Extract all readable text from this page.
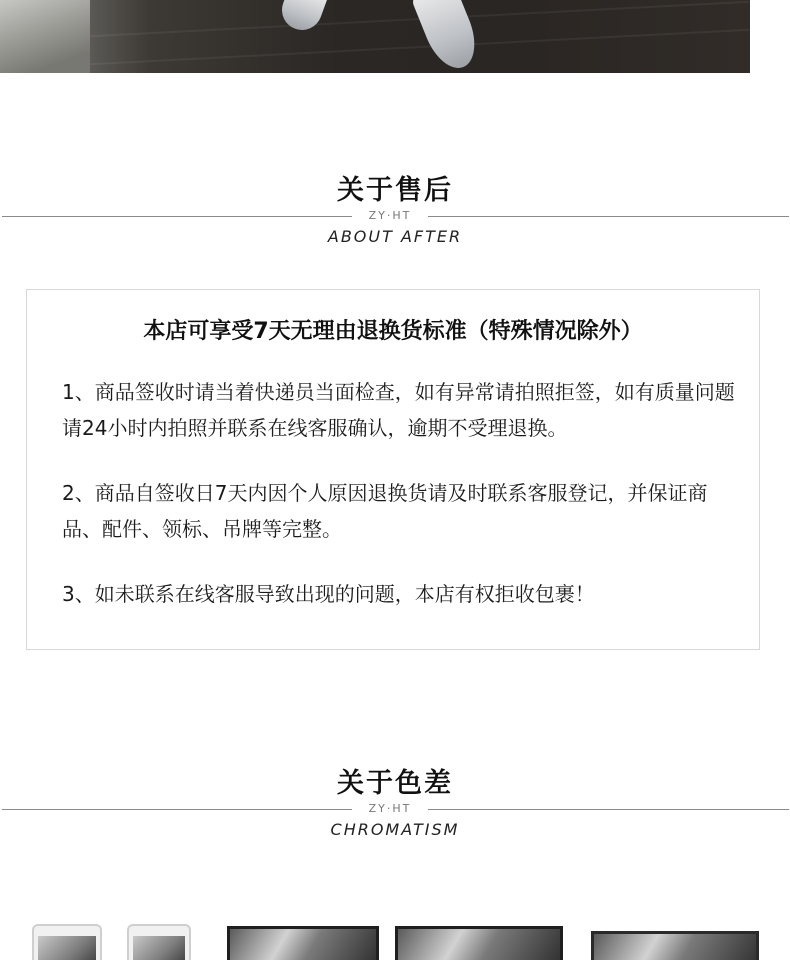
关于售后
ZY·HT
ABOUT AFTER
本店可享受7天无理由退换货标准（特殊情况除外）
1、商品签收时请当着快递员当面检查，如有异常请拍照拒签，如有质量问题请24小时内拍照并联系在线客服确认，逾期不受理退换。
2、商品自签收日7天内因个人原因退换货请及时联系客服登记，并保证商品、配件、领标、吊牌等完整。
3、如未联系在线客服导致出现的问题，本店有权拒收包裹！
关于色差
ZY·HT
CHROMATISM
